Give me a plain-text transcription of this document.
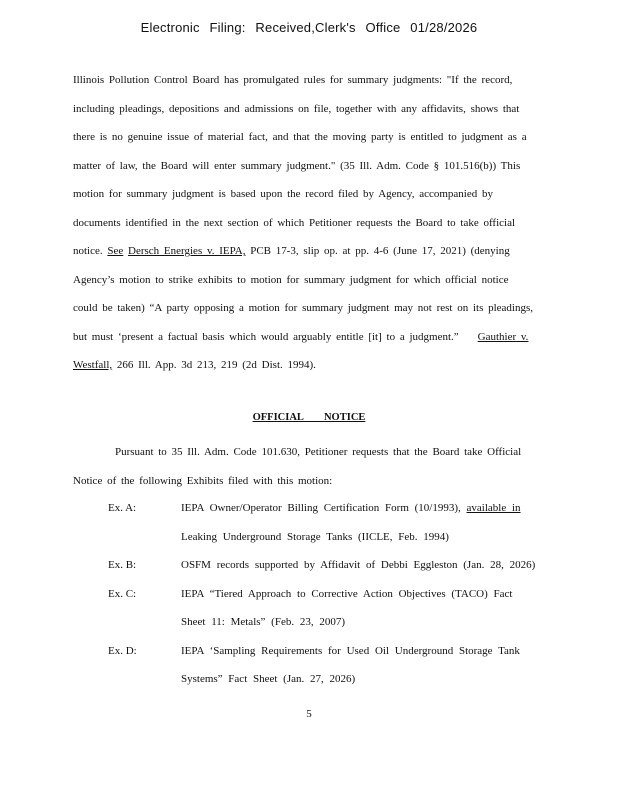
Electronic Filing: Received,Clerk's Office 01/28/2026
Illinois Pollution Control Board has promulgated rules for summary judgments: "If the record, including pleadings, depositions and admissions on file, together with any affidavits, shows that there is no genuine issue of material fact, and that the moving party is entitled to judgment as a matter of law, the Board will enter summary judgment." (35 Ill. Adm. Code § 101.516(b)) This motion for summary judgment is based upon the record filed by Agency, accompanied by documents identified in the next section of which Petitioner requests the Board to take official notice. See Dersch Energies v. IEPA, PCB 17-3, slip op. at pp. 4-6 (June 17, 2021) (denying Agency’s motion to strike exhibits to motion for summary judgment for which official notice could be taken) “A party opposing a motion for summary judgment may not rest on its pleadings, but must ‘present a factual basis which would arguably entitle [it] to a judgment.” Gauthier v. Westfall, 266 Ill. App. 3d 213, 219 (2d Dist. 1994).
OFFICIAL NOTICE
Pursuant to 35 Ill. Adm. Code 101.630, Petitioner requests that the Board take Official Notice of the following Exhibits filed with this motion:
Ex. A:	IEPA Owner/Operator Billing Certification Form (10/1993), available in Leaking Underground Storage Tanks (IICLE, Feb. 1994)
Ex. B:	OSFM records supported by Affidavit of Debbi Eggleston (Jan. 28, 2026)
Ex. C:	IEPA “Tiered Approach to Corrective Action Objectives (TACO) Fact Sheet 11: Metals” (Feb. 23, 2007)
Ex. D:	IEPA ‘Sampling Requirements for Used Oil Underground Storage Tank Systems” Fact Sheet (Jan. 27, 2026)
5
